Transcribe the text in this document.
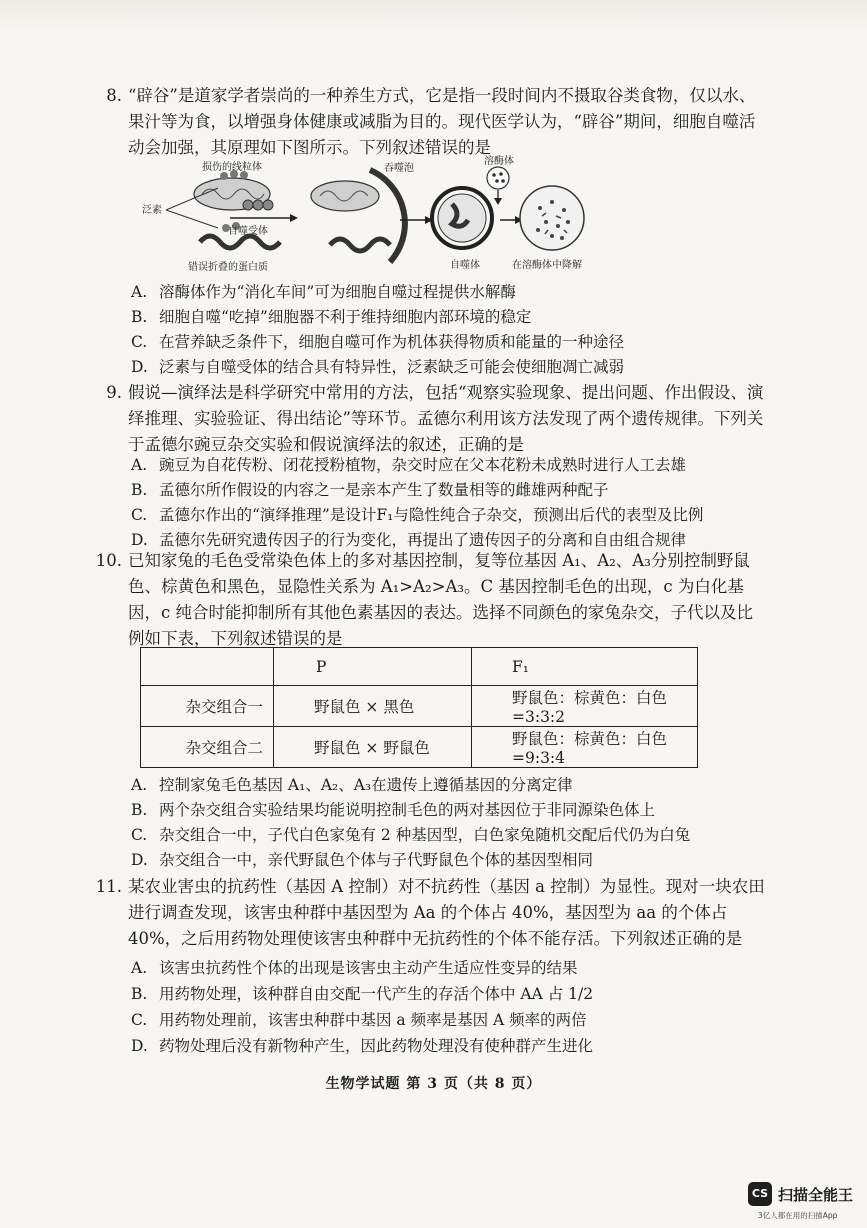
8. “辟谷”是道家学者崇尚的一种养生方式，它是指一段时间内不摄取谷类食物，仅以水、果汁等为食，以增强身体健康或减脂为目的。现代医学认为，“辟谷”期间，细胞自噬活动会加强，其原理如下图所示。下列叙述错误的是
损伤的线粒体
错误折叠的蛋白质
泛素
自噬受体
吞噬泡
自噬体
溶酶体
在溶酶体中降解
A. 溶酶体作为“消化车间”可为细胞自噬过程提供水解酶
B. 细胞自噬“吃掉”细胞器不利于维持细胞内部环境的稳定
C. 在营养缺乏条件下，细胞自噬可作为机体获得物质和能量的一种途径
D. 泛素与自噬受体的结合具有特异性，泛素缺乏可能会使细胞凋亡减弱
9. 假说—演绎法是科学研究中常用的方法，包括“观察实验现象、提出问题、作出假设、演绎推理、实验验证、得出结论”等环节。孟德尔利用该方法发现了两个遗传规律。下列关于孟德尔豌豆杂交实验和假说演绎法的叙述，正确的是
A. 豌豆为自花传粉、闭花授粉植物，杂交时应在父本花粉未成熟时进行人工去雄
B. 孟德尔所作假设的内容之一是亲本产生了数量相等的雌雄两种配子
C. 孟德尔作出的“演绎推理”是设计F₁与隐性纯合子杂交，预测出后代的表型及比例
D. 孟德尔先研究遗传因子的行为变化，再提出了遗传因子的分离和自由组合规律
10. 已知家兔的毛色受常染色体上的多对基因控制，复等位基因 A₁、A₂、A₃分别控制野鼠色、棕黄色和黑色，显隐性关系为 A₁>A₂>A₃。C 基因控制毛色的出现，c 为白化基因，c 纯合时能抑制所有其他色素基因的表达。选择不同颜色的家兔杂交，子代以及比例如下表，下列叙述错误的是
	P	F₁
杂交组合一	野鼠色 × 黑色	野鼠色：棕黄色：白色=3:3:2
杂交组合二	野鼠色 × 野鼠色	野鼠色：棕黄色：白色=9:3:4
A. 控制家兔毛色基因 A₁、A₂、A₃在遗传上遵循基因的分离定律
B. 两个杂交组合实验结果均能说明控制毛色的两对基因位于非同源染色体上
C. 杂交组合一中，子代白色家兔有 2 种基因型，白色家兔随机交配后代仍为白兔
D. 杂交组合一中，亲代野鼠色个体与子代野鼠色个体的基因型相同
11. 某农业害虫的抗药性（基因 A 控制）对不抗药性（基因 a 控制）为显性。现对一块农田进行调查发现，该害虫种群中基因型为 Aa 的个体占 40%，基因型为 aa 的个体占 40%，之后用药物处理使该害虫种群中无抗药性的个体不能存活。下列叙述正确的是
A. 该害虫抗药性个体的出现是该害虫主动产生适应性变异的结果
B. 用药物处理，该种群自由交配一代产生的存活个体中 AA 占 1/2
C. 用药物处理前，该害虫种群中基因 a 频率是基因 A 频率的两倍
D. 药物处理后没有新物种产生，因此药物处理没有使种群产生进化
生物学试题 第 3 页（共 8 页）
CS 扫描全能王
3亿人都在用的扫描App
